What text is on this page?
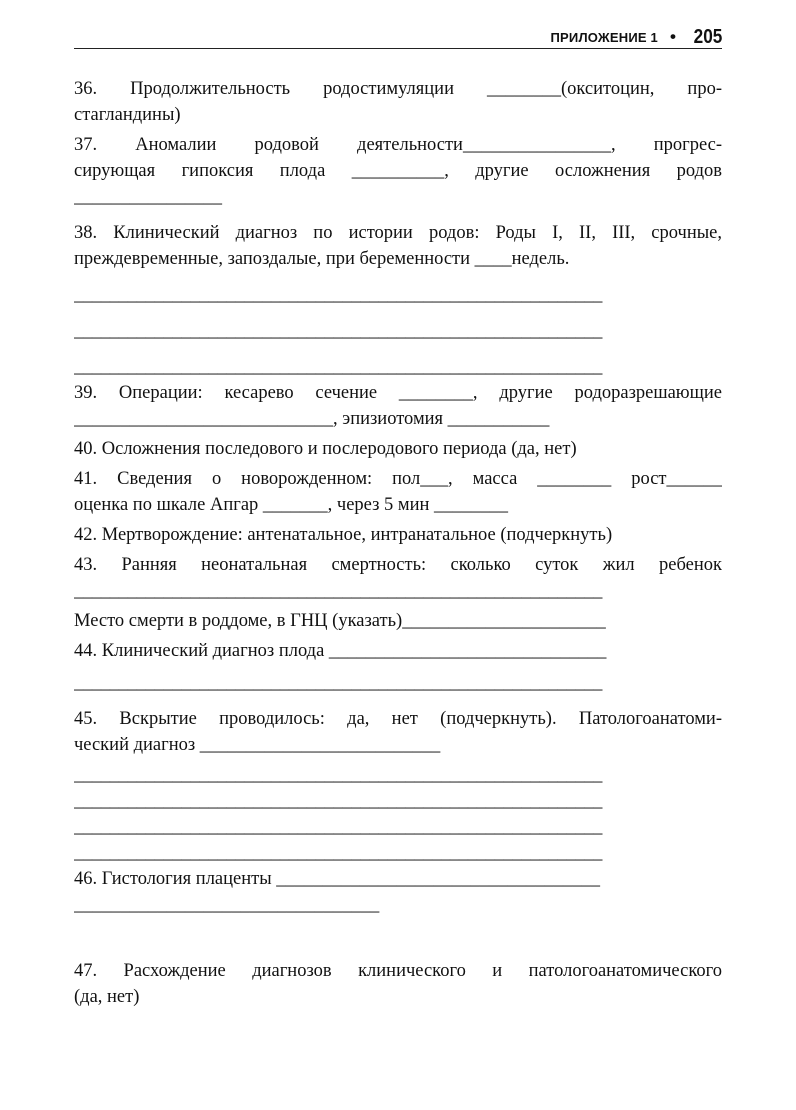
ПРИЛОЖЕНИЕ 1 • 205

36. Продолжительность родостимуляции ________(окситоцин, про-
стагландины)

37. Аномалии родовой деятельности________________, прогрес-
сирующая гипоксия плода __________, другие осложнения родов
________________

38. Клинический диагноз по истории родов: Роды I, II, III, срочные,
преждевременные, запоздалые, при беременности ____недель.
___________________________________________________________
___________________________________________________________
___________________________________________________________

39. Операции: кесарево сечение ________, другие родоразрешающие
____________________________, эпизиотомия ___________

40. Осложнения последового и послеродового периода (да, нет)

41. Сведения о новорожденном: пол___, масса ________ рост______
оценка по шкале Апгар _______, через 5 мин ________

42. Мертворождение: антенатальное, интранатальное (подчеркнуть)

43. Ранняя неонатальная смертность: сколько суток жил ребенок
___________________________________________________________
Место смерти в роддоме, в ГНЦ (указать)______________________

44. Клинический диагноз плода ______________________________
___________________________________________________________

45. Вскрытие проводилось: да, нет (подчеркнуть). Патологоанатоми-
ческий диагноз __________________________
___________________________________________________________
___________________________________________________________
___________________________________________________________
___________________________________________________________

46. Гистология плаценты ___________________________________
_________________________________

47. Расхождение диагнозов клинического и патологоанатомического
(да, нет)
